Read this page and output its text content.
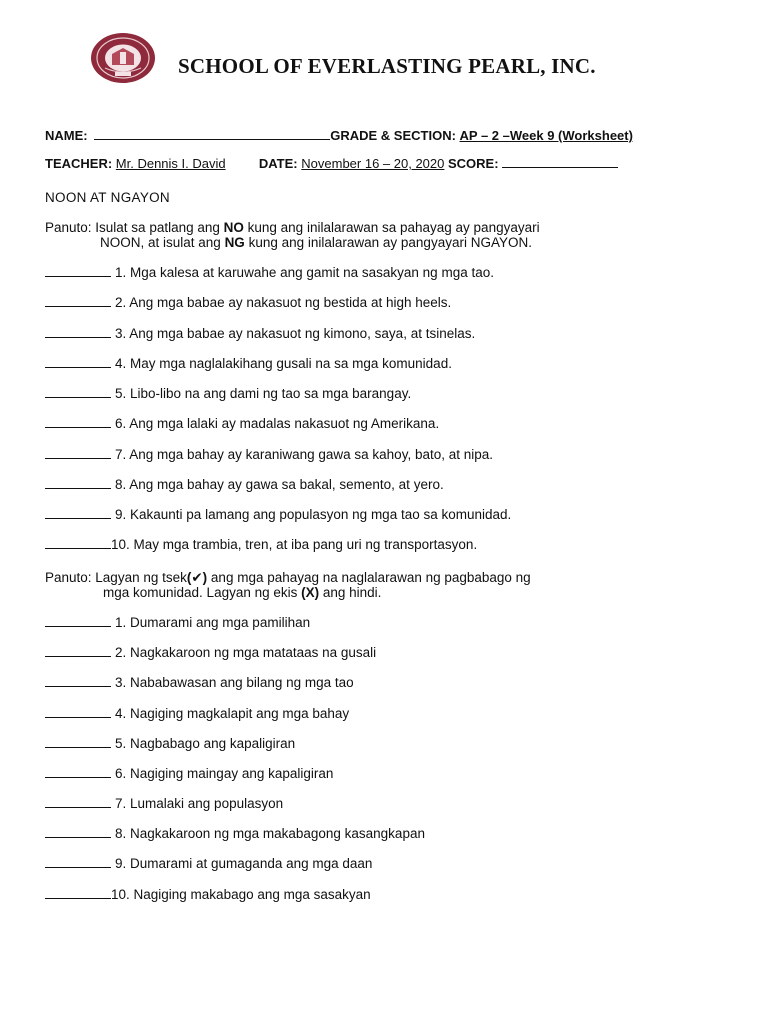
SCHOOL OF EVERLASTING PEARL, INC.
NAME:	GRADE & SECTION: AP – 2 –Week 9 (Worksheet)
TEACHER: Mr. Dennis I. David	DATE: November 16 – 20, 2020 SCORE:
NOON AT NGAYON
Panuto: Isulat sa patlang ang NO kung ang inilalarawan sa pahayag ay pangyayari
NOON, at isulat ang NG kung ang inilalarawan ay pangyayari NGAYON.
1. Mga kalesa at karuwahe ang gamit na sasakyan ng mga tao.
2. Ang mga babae ay nakasuot ng bestida at high heels.
3. Ang mga babae ay nakasuot ng kimono, saya, at tsinelas.
4. May mga naglalakihang gusali na sa mga komunidad.
5. Libo-libo na ang dami ng tao sa mga barangay.
6. Ang mga lalaki ay madalas nakasuot ng Amerikana.
7. Ang mga bahay ay karaniwang gawa sa kahoy, bato, at nipa.
8. Ang mga bahay ay gawa sa bakal, semento, at yero.
9. Kakaunti pa lamang ang populasyon ng mga tao sa komunidad.
10. May mga trambia, tren, at iba pang uri ng transportasyon.
Panuto: Lagyan ng tsek(✔) ang mga pahayag na naglalarawan ng pagbabago ng
mga komunidad. Lagyan ng ekis (X) ang hindi.
1. Dumarami ang mga pamilihan
2. Nagkakaroon ng mga matataas na gusali
3. Nababawasan ang bilang ng mga tao
4. Nagiging magkalapit ang mga bahay
5. Nagbabago ang kapaligiran
6. Nagiging maingay ang kapaligiran
7. Lumalaki ang populasyon
8. Nagkakaroon ng mga makabagong kasangkapan
9. Dumarami at gumaganda ang mga daan
10. Nagiging makabago ang mga sasakyan
